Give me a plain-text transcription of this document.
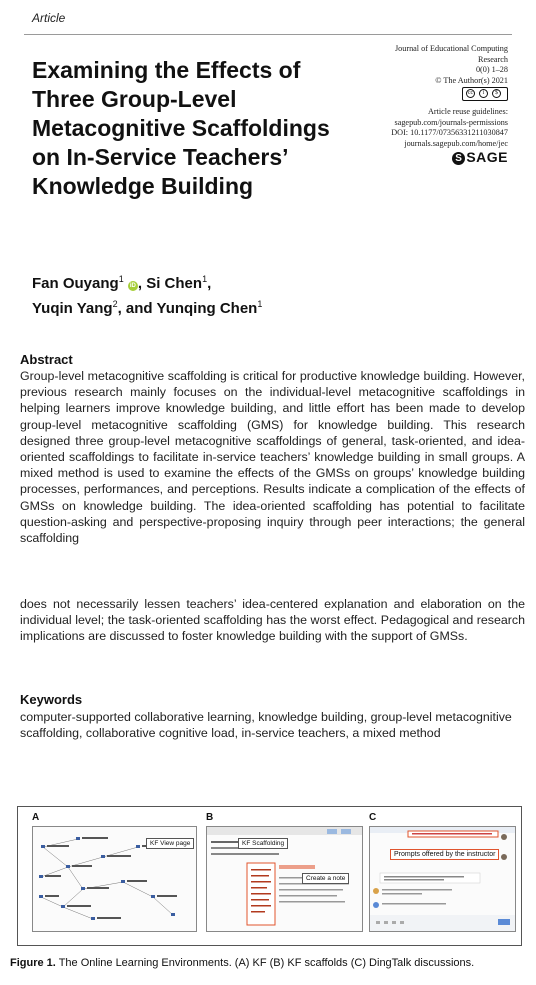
Article
Examining the Effects of Three Group-Level Metacognitive Scaffoldings on In-Service Teachers’ Knowledge Building
Journal of Educational Computing
Research
0(0) 1–28
© The Author(s) 2021
cc	i	$
Article reuse guidelines:
sagepub.com/journals-permissions
DOI: 10.1177/07356331211030847
journals.sagepub.com/home/jec
S SAGE
Fan Ouyang$^1$ iD , Si Chen$^1$,
Yuqin Yang$^2$, and Yunqing Chen$^1$
Abstract
Group-level metacognitive scaffolding is critical for productive knowledge building. However, previous research mainly focuses on the individual-level metacognitive scaffoldings in helping learners improve knowledge building, and little effort has been made to develop group-level metacognitive scaffolding (GMS) for knowledge building. This research designed three group-level metacognitive scaffoldings of general, task-oriented, and idea-oriented scaffoldings to facilitate in-service teachers’ knowledge building in small groups. A mixed method is used to examine the effects of the GMSs on groups’ knowledge building processes, performances, and perceptions. Results indicate a complication of the effects of GMSs on knowledge building. The idea-oriented scaffolding has potential to facilitate question-asking and perspective-proposing inquiry through peer interactions; the general scaffolding
does not necessarily lessen teachers’ idea-centered explanation and elaboration on the individual level; the task-oriented scaffolding has the worst effect. Pedagogical and research implications are discussed to foster knowledge building with the support of GMSs.
Keywords
computer-supported collaborative learning, knowledge building, group-level metacognitive scaffolding, collaborative cognitive load, in-service teachers, a mixed method
A	B	C
KF View page	KF Scaffolding
Create a note
Prompts offered by the instructor
Figure 1. The Online Learning Environments. (A) KF (B) KF scaffolds (C) DingTalk discussions.
